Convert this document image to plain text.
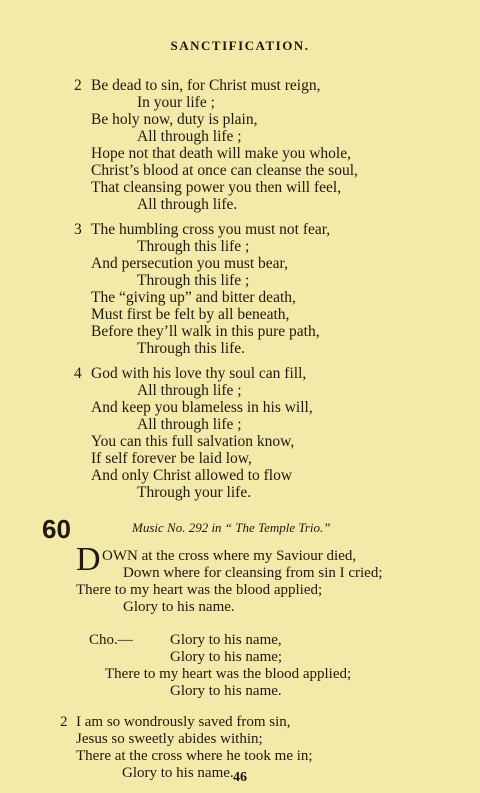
SANCTIFICATION.
2 Be dead to sin, for Christ must reign,
In your life ;
Be holy now, duty is plain,
All through life ;
Hope not that death will make you whole,
Christ’s blood at once can cleanse the soul,
That cleansing power you then will feel,
All through life.
3 The humbling cross you must not fear,
Through this life ;
And persecution you must bear,
Through this life ;
The “giving up” and bitter death,
Must first be felt by all beneath,
Before they’ll walk in this pure path,
Through this life.
4 God with his love thy soul can fill,
All through life ;
And keep you blameless in his will,
All through life ;
You can this full salvation know,
If self forever be laid low,
And only Christ allowed to flow
Through your life.
60	Music No. 292 in “ The Temple Trio.”
D OWN at the cross where my Saviour died,
Down where for cleansing from sin I cried;
There to my heart was the blood applied;
Glory to his name.
Cho.— Glory to his name,
Glory to his name;
There to my heart was the blood applied;
Glory to his name.
2 I am so wondrously saved from sin,
Jesus so sweetly abides within;
There at the cross where he took me in;
Glory to his name. 46
